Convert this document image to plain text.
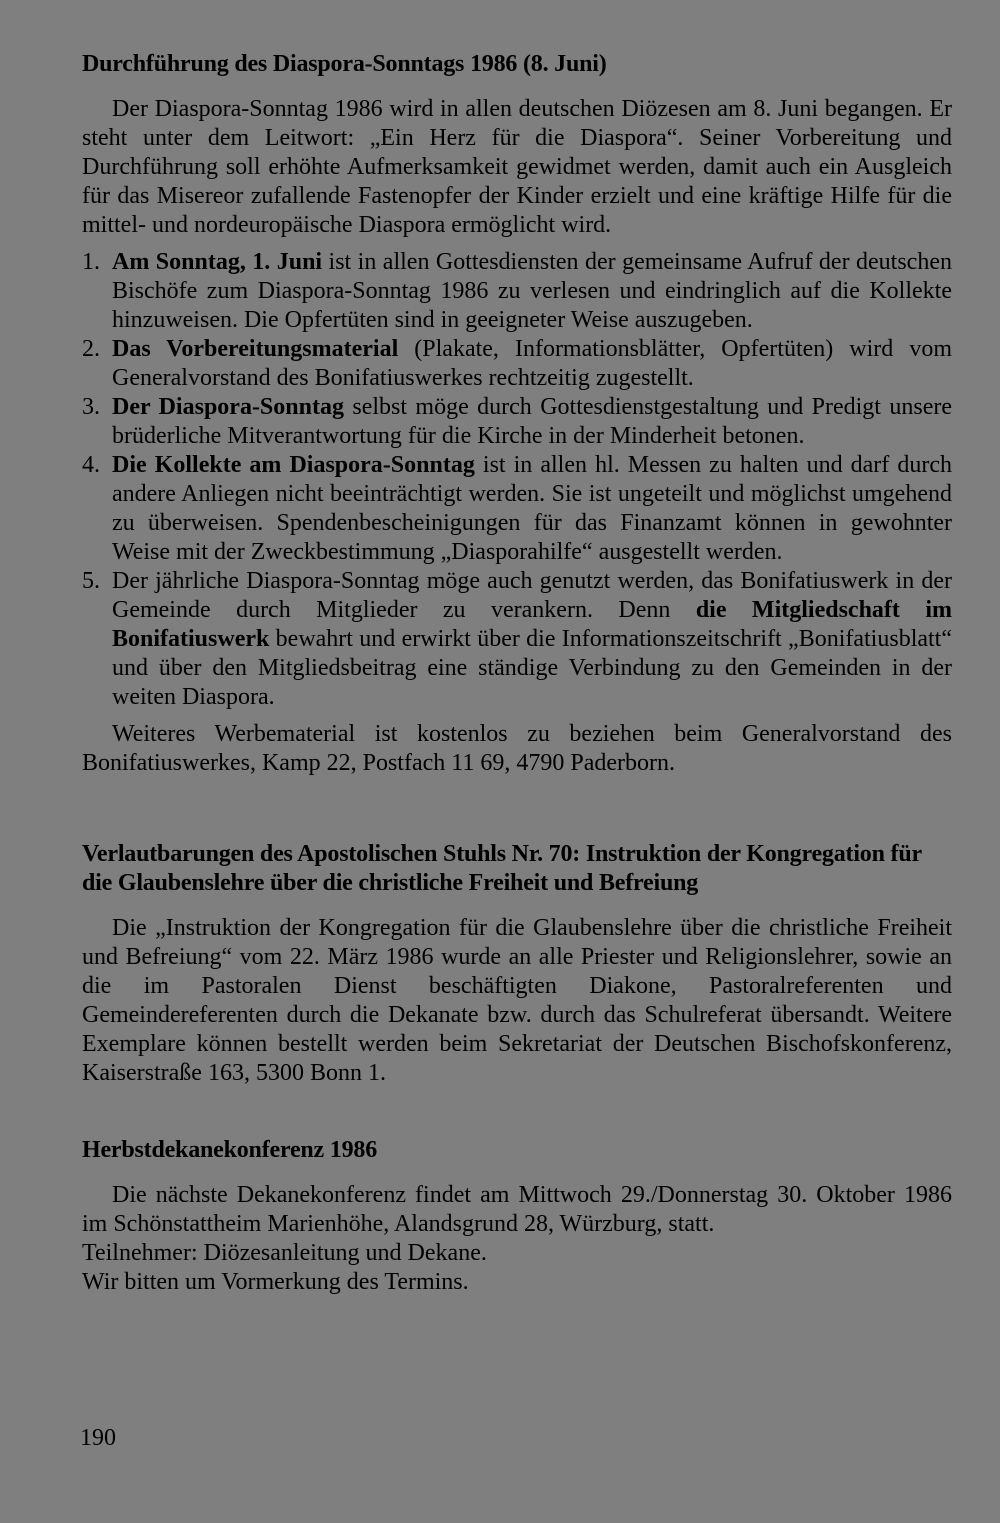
Durchführung des Diaspora-Sonntags 1986 (8. Juni)

Der Diaspora-Sonntag 1986 wird in allen deutschen Diözesen am 8. Juni begangen. Er steht unter dem Leitwort: „Ein Herz für die Diaspora“. Seiner Vorbereitung und Durchführung soll erhöhte Aufmerksamkeit gewidmet werden, damit auch ein Ausgleich für das Misereor zufallende Fastenopfer der Kinder erzielt und eine kräftige Hilfe für die mittel- und nordeuropäische Diaspora ermöglicht wird.

1. Am Sonntag, 1. Juni ist in allen Gottesdiensten der gemeinsame Aufruf der deutschen Bischöfe zum Diaspora-Sonntag 1986 zu verlesen und eindringlich auf die Kollekte hinzuweisen. Die Opfertüten sind in geeigneter Weise auszugeben.
2. Das Vorbereitungsmaterial (Plakate, Informationsblätter, Opfertüten) wird vom Generalvorstand des Bonifatiuswerkes rechtzeitig zugestellt.
3. Der Diaspora-Sonntag selbst möge durch Gottesdienstgestaltung und Predigt unsere brüderliche Mitverantwortung für die Kirche in der Minderheit betonen.
4. Die Kollekte am Diaspora-Sonntag ist in allen hl. Messen zu halten und darf durch andere Anliegen nicht beeinträchtigt werden. Sie ist ungeteilt und möglichst umgehend zu überweisen. Spendenbescheinigungen für das Finanzamt können in gewohnter Weise mit der Zweckbestimmung „Diasporahilfe“ ausgestellt werden.
5. Der jährliche Diaspora-Sonntag möge auch genutzt werden, das Bonifatiuswerk in der Gemeinde durch Mitglieder zu verankern. Denn die Mitgliedschaft im Bonifatiuswerk bewahrt und erwirkt über die Informationszeitschrift „Bonifatiusblatt“ und über den Mitgliedsbeitrag eine ständige Verbindung zu den Gemeinden in der weiten Diaspora.

Weiteres Werbematerial ist kostenlos zu beziehen beim Generalvorstand des Bonifatiuswerkes, Kamp 22, Postfach 11 69, 4790 Paderborn.

Verlautbarungen des Apostolischen Stuhls Nr. 70: Instruktion der Kongregation für die Glaubenslehre über die christliche Freiheit und Befreiung

Die „Instruktion der Kongregation für die Glaubenslehre über die christliche Freiheit und Befreiung“ vom 22. März 1986 wurde an alle Priester und Religionslehrer, sowie an die im Pastoralen Dienst beschäftigten Diakone, Pastoralreferenten und Gemeindereferenten durch die Dekanate bzw. durch das Schulreferat übersandt. Weitere Exemplare können bestellt werden beim Sekretariat der Deutschen Bischofskonferenz, Kaiserstraße 163, 5300 Bonn 1.

Herbstdekanekonferenz 1986

Die nächste Dekanekonferenz findet am Mittwoch 29./Donnerstag 30. Oktober 1986 im Schönstattheim Marienhöhe, Alandsgrund 28, Würzburg, statt.

Teilnehmer: Diözesanleitung und Dekane.

Wir bitten um Vormerkung des Termins.

190
